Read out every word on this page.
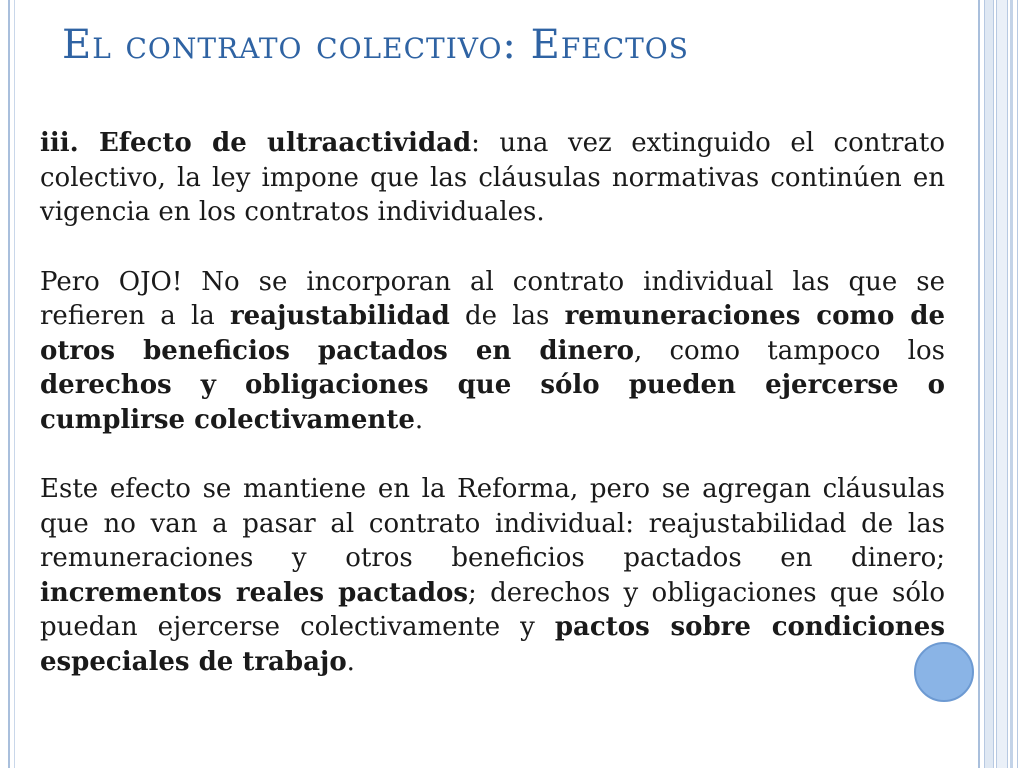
El contrato colectivo: Efectos

iii. Efecto de ultraactividad: una vez extinguido el contrato colectivo, la ley impone que las cláusulas normativas continúen en vigencia en los contratos individuales.

Pero OJO! No se incorporan al contrato individual las que se refieren a la reajustabilidad de las remuneraciones como de otros beneficios pactados en dinero, como tampoco los derechos y obligaciones que sólo pueden ejercerse o cumplirse colectivamente.

Este efecto se mantiene en la Reforma, pero se agregan cláusulas que no van a pasar al contrato individual: reajustabilidad de las remuneraciones y otros beneficios pactados en dinero; incrementos reales pactados; derechos y obligaciones que sólo puedan ejercerse colectivamente y pactos sobre condiciones especiales de trabajo.
